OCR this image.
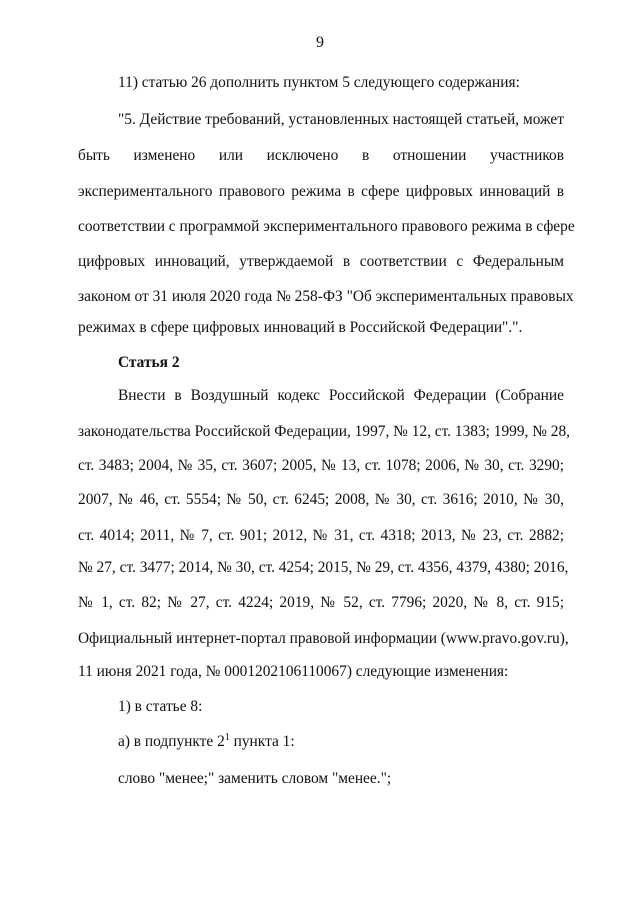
9
11) статью 26 дополнить пунктом 5 следующего содержания:
"5. Действие требований, установленных настоящей статьей, может
быть изменено или исключено в отношении участников
экспериментального правового режима в сфере цифровых инноваций в
соответствии с программой экспериментального правового режима в сфере
цифровых инноваций, утверждаемой в соответствии с Федеральным
законом от 31 июля 2020 года № 258-ФЗ "Об экспериментальных правовых
режимах в сфере цифровых инноваций в Российской Федерации".".
Статья 2
Внести в Воздушный кодекс Российской Федерации (Собрание
законодательства Российской Федерации, 1997, № 12, ст. 1383; 1999, № 28,
ст. 3483; 2004, № 35, ст. 3607; 2005, № 13, ст. 1078; 2006, № 30, ст. 3290;
2007, № 46, ст. 5554; № 50, ст. 6245; 2008, № 30, ст. 3616; 2010, № 30,
ст. 4014; 2011, № 7, ст. 901; 2012, № 31, ст. 4318; 2013, № 23, ст. 2882;
№ 27, ст. 3477; 2014, № 30, ст. 4254; 2015, № 29, ст. 4356, 4379, 4380; 2016,
№ 1, ст. 82; № 27, ст. 4224; 2019, № 52, ст. 7796; 2020, № 8, ст. 915;
Официальный интернет-портал правовой информации (www.pravo.gov.ru),
11 июня 2021 года, № 0001202106110067) следующие изменения:
1) в статье 8:
а) в подпункте $2^1$ пункта 1:
слово "менее;" заменить словом "менее.";
